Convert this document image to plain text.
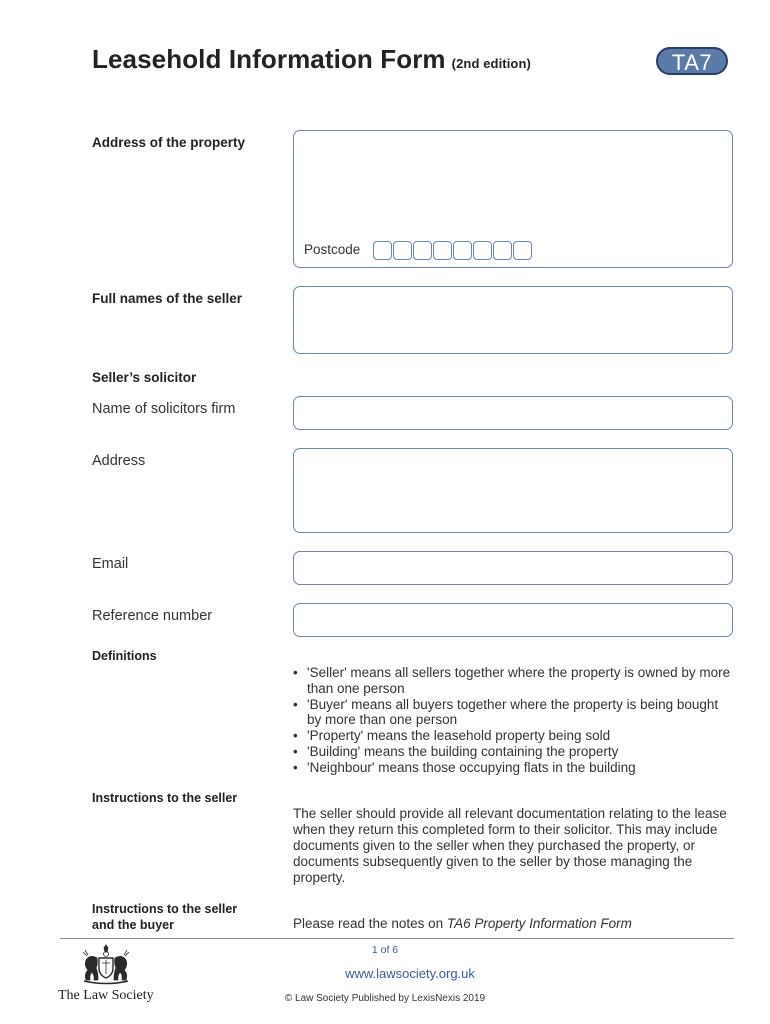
Leasehold Information Form (2nd edition)	TA7
Address of the property
Postcode
Full names of the seller
Seller’s solicitor
Name of solicitors firm
Address
Email
Reference number
Definitions
• 'Seller' means all sellers together where the property is owned by more than one person
• 'Buyer' means all buyers together where the property is being bought by more than one person
• 'Property' means the leasehold property being sold
• 'Building' means the building containing the property
• 'Neighbour' means those occupying flats in the building
Instructions to the seller
The seller should provide all relevant documentation relating to the lease when they return this completed form to their solicitor. This may include documents given to the seller when they purchased the property, or documents subsequently given to the seller by those managing the property.
Instructions to the seller
and the buyer	Please read the notes on TA6 Property Information Form
1 of 6
The Law Society
www.lawsociety.org.uk
© Law Society Published by LexisNexis 2019
